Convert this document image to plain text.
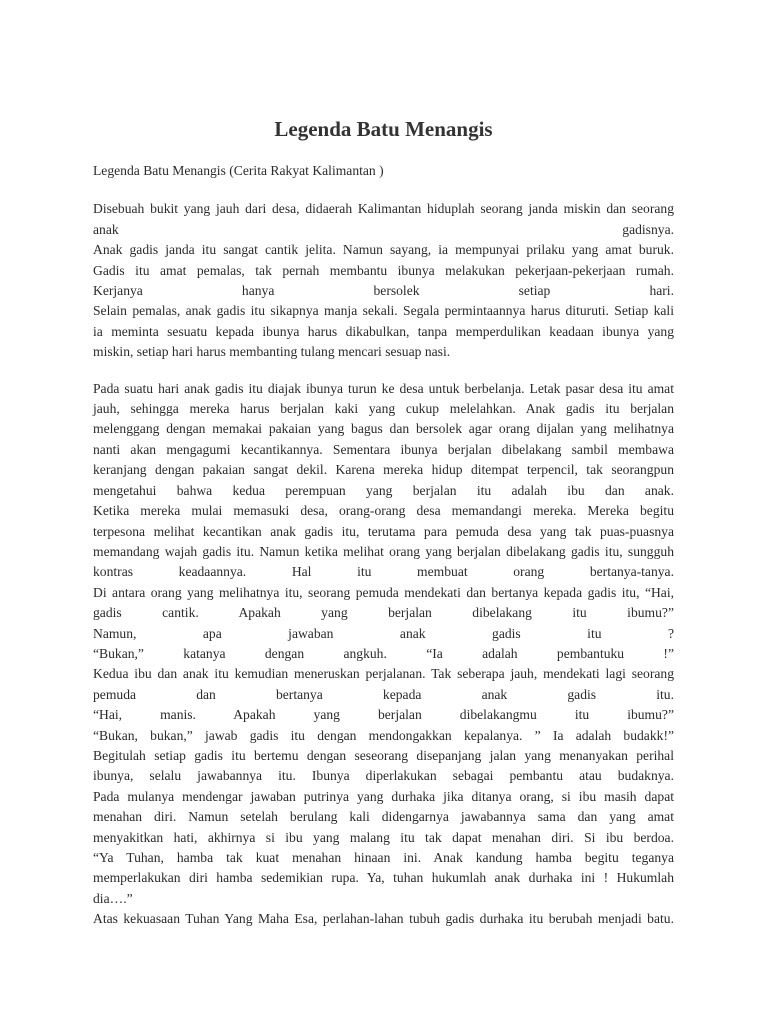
Legenda Batu Menangis
Legenda Batu Menangis (Cerita Rakyat Kalimantan )
Disebuah bukit yang jauh dari desa, didaerah Kalimantan hiduplah seorang janda miskin dan seorang
anak gadisnya.
Anak gadis janda itu sangat cantik jelita. Namun sayang, ia mempunyai prilaku yang amat buruk.
Gadis itu amat pemalas, tak pernah membantu ibunya melakukan pekerjaan-pekerjaan rumah.
Kerjanya hanya bersolek setiap hari.
Selain pemalas, anak gadis itu sikapnya manja sekali. Segala permintaannya harus dituruti. Setiap kali
ia meminta sesuatu kepada ibunya harus dikabulkan, tanpa memperdulikan keadaan ibunya yang
miskin, setiap hari harus membanting tulang mencari sesuap nasi.
Pada suatu hari anak gadis itu diajak ibunya turun ke desa untuk berbelanja. Letak pasar desa itu amat
jauh, sehingga mereka harus berjalan kaki yang cukup melelahkan. Anak gadis itu berjalan
melenggang dengan memakai pakaian yang bagus dan bersolek agar orang dijalan yang melihatnya
nanti akan mengagumi kecantikannya. Sementara ibunya berjalan dibelakang sambil membawa
keranjang dengan pakaian sangat dekil. Karena mereka hidup ditempat terpencil, tak seorangpun
mengetahui bahwa kedua perempuan yang berjalan itu adalah ibu dan anak.
Ketika mereka mulai memasuki desa, orang-orang desa memandangi mereka. Mereka begitu
terpesona melihat kecantikan anak gadis itu, terutama para pemuda desa yang tak puas-puasnya
memandang wajah gadis itu. Namun ketika melihat orang yang berjalan dibelakang gadis itu, sungguh
kontras keadaannya. Hal itu membuat orang bertanya-tanya.
Di antara orang yang melihatnya itu, seorang pemuda mendekati dan bertanya kepada gadis itu, “Hai,
gadis cantik. Apakah yang berjalan dibelakang itu ibumu?”
Namun, apa jawaban anak gadis itu ?
“Bukan,” katanya dengan angkuh. “Ia adalah pembantuku !”
Kedua ibu dan anak itu kemudian meneruskan perjalanan. Tak seberapa jauh, mendekati lagi seorang
pemuda dan bertanya kepada anak gadis itu.
“Hai, manis. Apakah yang berjalan dibelakangmu itu ibumu?”
“Bukan, bukan,” jawab gadis itu dengan mendongakkan kepalanya. ” Ia adalah budakk!”
Begitulah setiap gadis itu bertemu dengan seseorang disepanjang jalan yang menanyakan perihal
ibunya, selalu jawabannya itu. Ibunya diperlakukan sebagai pembantu atau budaknya.
Pada mulanya mendengar jawaban putrinya yang durhaka jika ditanya orang, si ibu masih dapat
menahan diri. Namun setelah berulang kali didengarnya jawabannya sama dan yang amat
menyakitkan hati, akhirnya si ibu yang malang itu tak dapat menahan diri. Si ibu berdoa.
“Ya Tuhan, hamba tak kuat menahan hinaan ini. Anak kandung hamba begitu teganya
memperlakukan diri hamba sedemikian rupa. Ya, tuhan hukumlah anak durhaka ini ! Hukumlah
dia….”
Atas kekuasaan Tuhan Yang Maha Esa, perlahan-lahan tubuh gadis durhaka itu berubah menjadi batu.
